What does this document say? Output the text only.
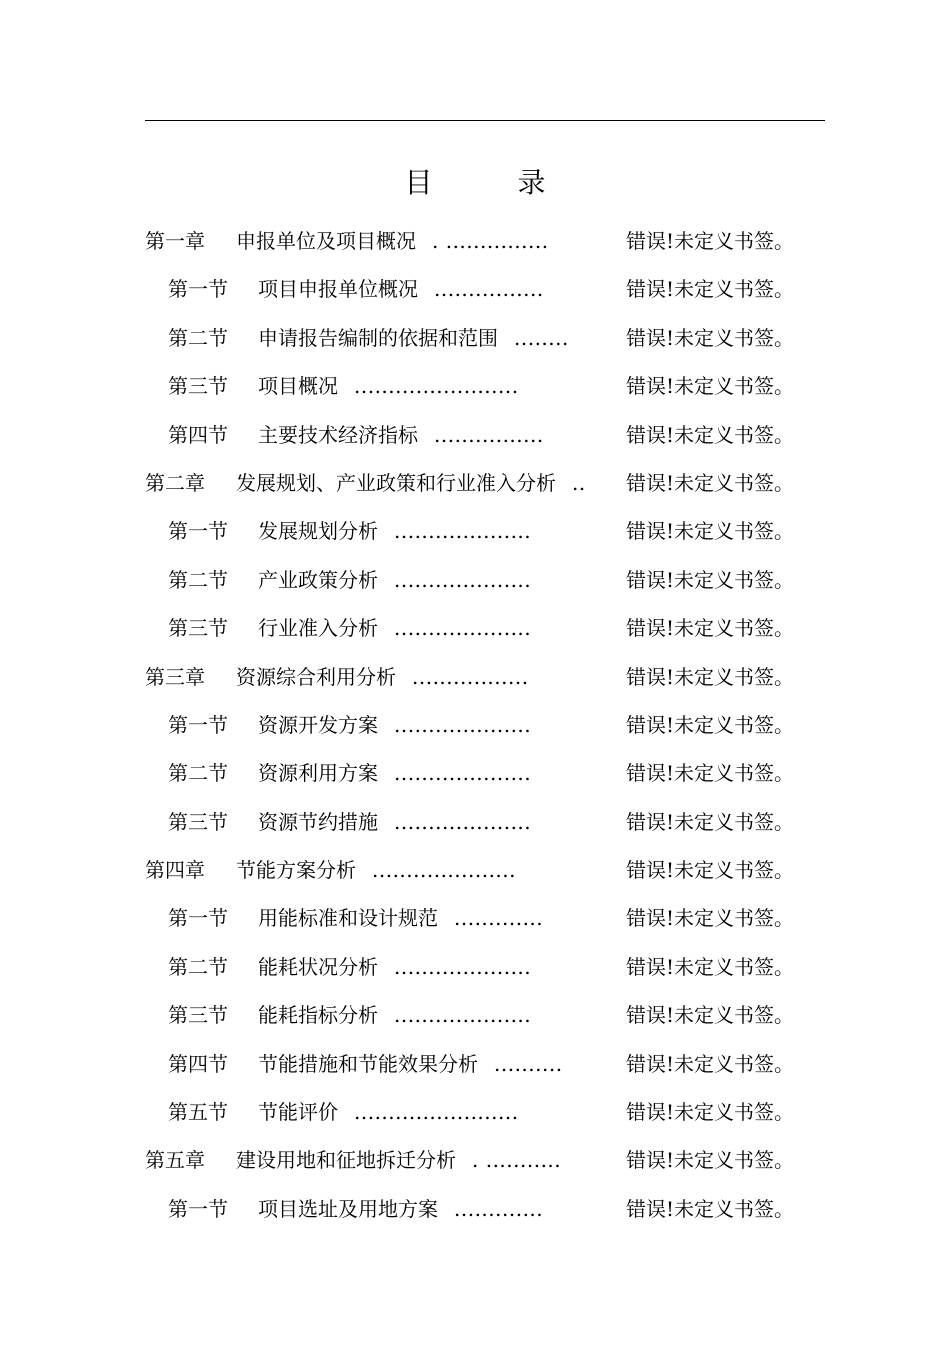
目 录
第一章 申报单位及项目概况 . ...............	错误!未定义书签。
第一节 项目申报单位概况 ................	错误!未定义书签。
第二节 申请报告编制的依据和范围 ........	错误!未定义书签。
第三节 项目概况 ........................	错误!未定义书签。
第四节 主要技术经济指标 ................	错误!未定义书签。
第二章 发展规划、产业政策和行业准入分析 .. 错误!未定义书签。
第一节 发展规划分析 ....................	错误!未定义书签。
第二节 产业政策分析 ....................	错误!未定义书签。
第三节 行业准入分析 ....................	错误!未定义书签。
第三章 资源综合利用分析 .................	错误!未定义书签。
第一节 资源开发方案 ....................	错误!未定义书签。
第二节 资源利用方案 ....................	错误!未定义书签。
第三节 资源节约措施 ....................	错误!未定义书签。
第四章 节能方案分析 .....................	错误!未定义书签。
第一节 用能标准和设计规范 .............	错误!未定义书签。
第二节 能耗状况分析 ....................	错误!未定义书签。
第三节 能耗指标分析 ....................	错误!未定义书签。
第四节 节能措施和节能效果分析 ..........	错误!未定义书签。
第五节 节能评价 ........................	错误!未定义书签。
第五章 建设用地和征地拆迁分析 . ...........	错误!未定义书签。
第一节 项目选址及用地方案 .............	错误!未定义书签。
